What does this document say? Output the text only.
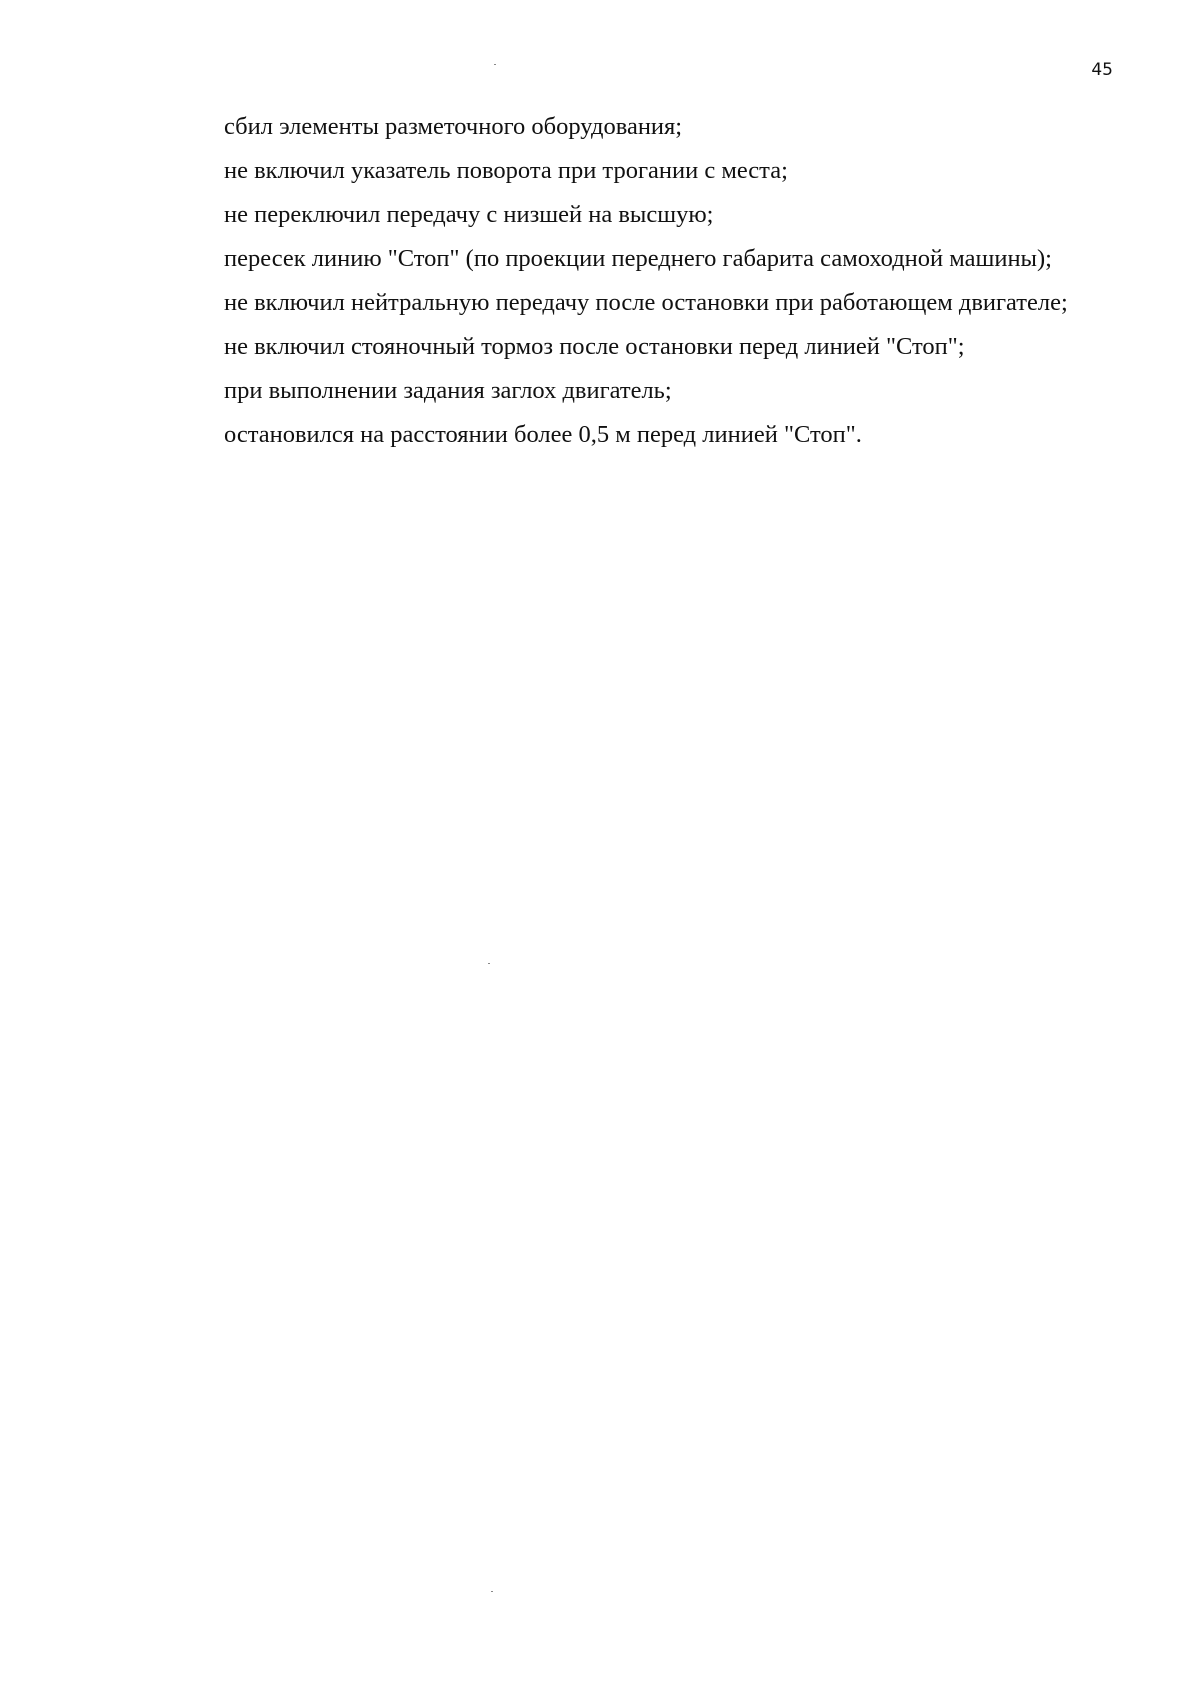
45

сбил элементы разметочного оборудования;

не включил указатель поворота при трогании с места;

не переключил передачу с низшей на высшую;

пересек линию "Стоп" (по проекции переднего габарита самоходной машины);

не включил нейтральную передачу после остановки при работающем двигателе;

не включил стояночный тормоз после остановки перед линией "Стоп";

при выполнении задания заглох двигатель;

остановился на расстоянии более 0,5 м перед линией "Стоп".
